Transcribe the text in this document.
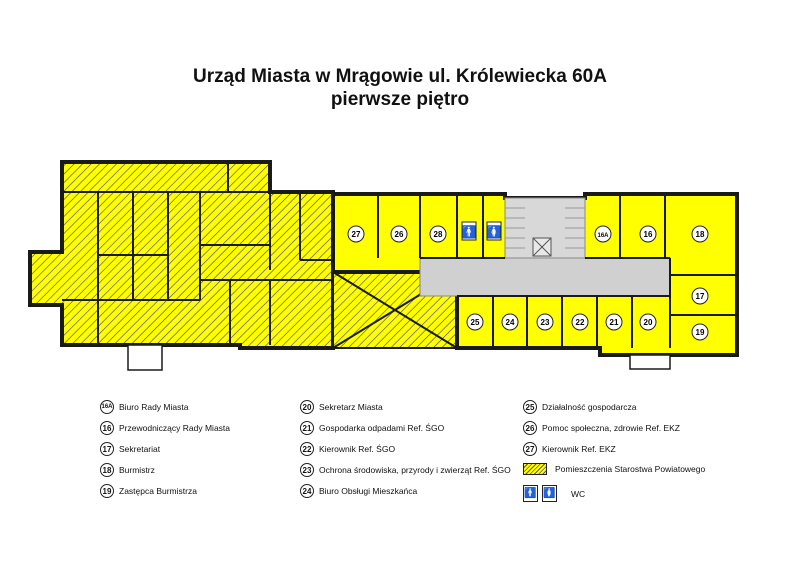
Urząd Miasta w Mrągowie ul. Królewiecka 60A
pierwsze piętro
🚹 🚺
27	26	28	16A	16	18
17
19
25	24	23	22	21	20
16A Biuro Rady Miasta
16 Przewodniczący Rady Miasta
17 Sekretariat
18 Burmistrz
19 Zastępca Burmistrza
20 Sekretarz Miasta
21 Gospodarka odpadami Ref. ŚGO
22 Kierownik Ref. ŚGO
23 Ochrona środowiska, przyrody i zwierząt Ref. ŚGO
24 Biuro Obsługi Mieszkańca
25 Działalność gospodarcza
26 Pomoc społeczna, zdrowie Ref. EKZ
27 Kierownik Ref. EKZ
Pomieszczenia Starostwa Powiatowego
🚹 🚺 WC
